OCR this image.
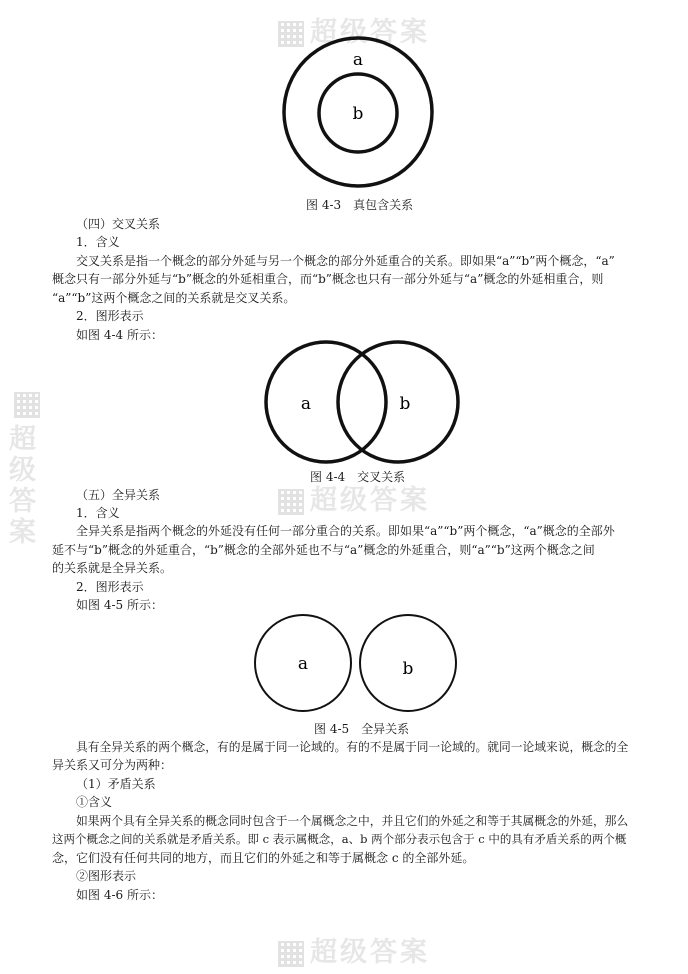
超级答案
超级答案
超级答案
超级答案
a
b
图 4-3　真包含关系
（四）交叉关系
1．含义
交叉关系是指一个概念的部分外延与另一个概念的部分外延重合的关系。即如果“a”“b”两个概念，“a”
概念只有一部分外延与“b”概念的外延相重合，而“b”概念也只有一部分外延与“a”概念的外延相重合，则
“a”“b”这两个概念之间的关系就是交叉关系。
2．图形表示
如图 4-4 所示：
a	b
图 4-4　交叉关系
（五）全异关系
1．含义
全异关系是指两个概念的外延没有任何一部分重合的关系。即如果“a”“b”两个概念，“a”概念的全部外
延不与“b”概念的外延重合，“b”概念的全部外延也不与“a”概念的外延重合，则“a”“b”这两个概念之间
的关系就是全异关系。
2．图形表示
如图 4-5 所示：
a	b
图 4-5　全异关系
具有全异关系的两个概念，有的是属于同一论域的。有的不是属于同一论域的。就同一论域来说，概念的全
异关系又可分为两种：
（1）矛盾关系
①含义
如果两个具有全异关系的概念同时包含于一个属概念之中，并且它们的外延之和等于其属概念的外延，那么
这两个概念之间的关系就是矛盾关系。即 c 表示属概念，a、b 两个部分表示包含于 c 中的具有矛盾关系的两个概
念，它们没有任何共同的地方，而且它们的外延之和等于属概念 c 的全部外延。
②图形表示
如图 4-6 所示：
